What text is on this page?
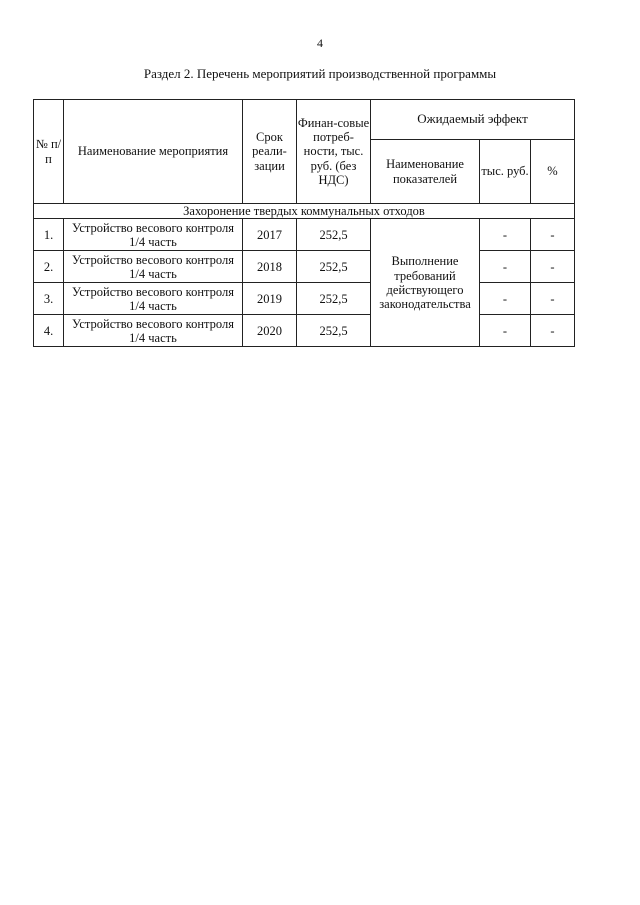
4
Раздел 2. Перечень мероприятий производственной программы
№ п/п	Наименование мероприятия	Срок реали-зации	Финан-совые потреб-ности, тыс. руб. (без НДС)	Ожидаемый эффект		
				Наименование показателей	тыс. руб.	%
Захоронение твердых коммунальных отходов						
1.	Устройство весового контроля 1/4 часть	2017	252,5	Выполнение требований действующего законодательства	-	-
2.	Устройство весового контроля 1/4 часть	2018	252,5		-	-
3.	Устройство весового контроля 1/4 часть	2019	252,5		-	-
4.	Устройство весового контроля 1/4 часть	2020	252,5		-	-
